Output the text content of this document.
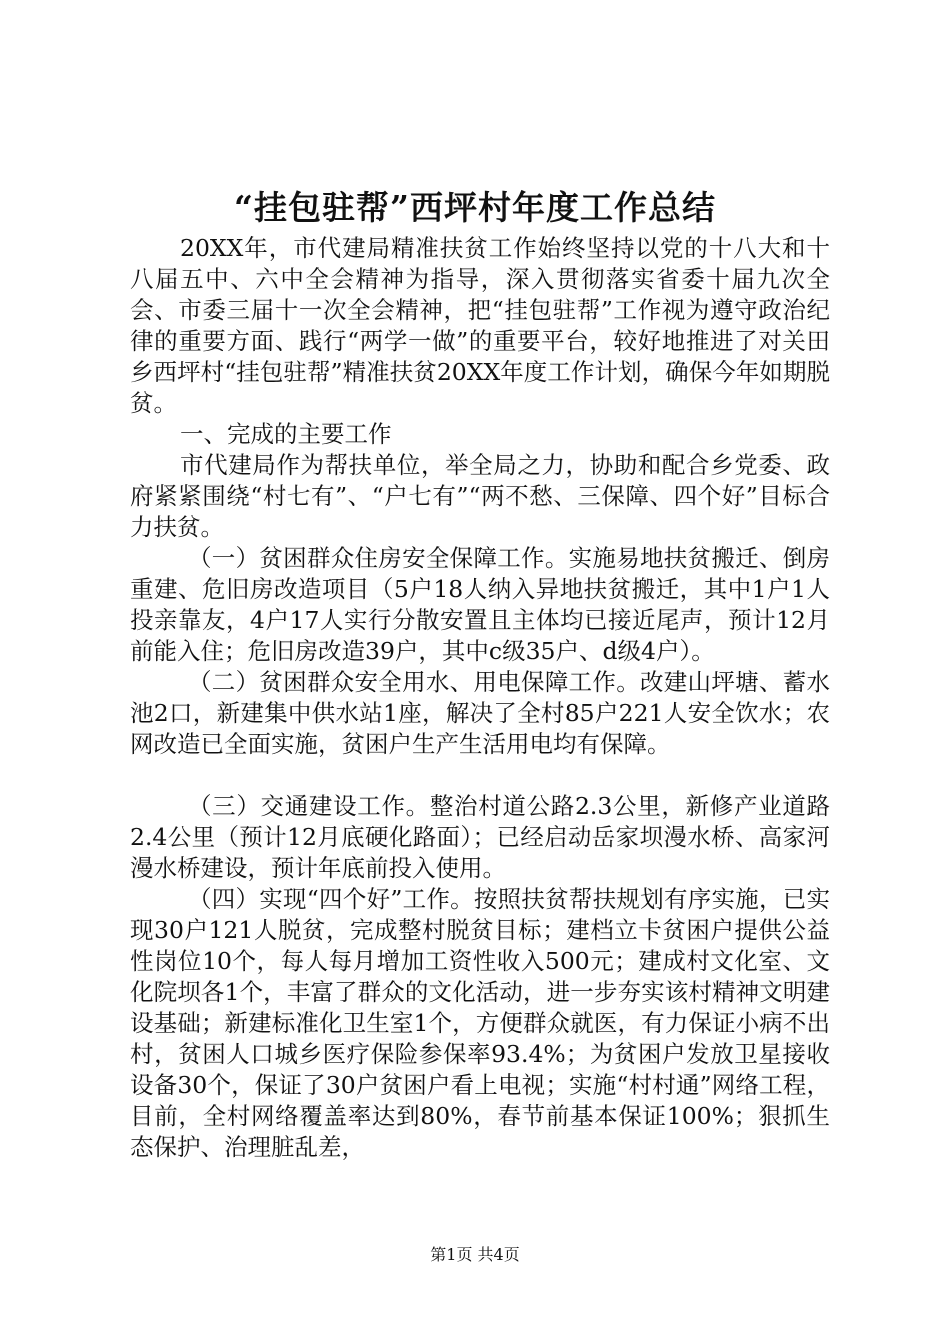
“挂包驻帮”西坪村年度工作总结

20XX年，市代建局精准扶贫工作始终坚持以党的十八大和十八届五中、六中全会精神为指导，深入贯彻落实省委十届九次全会、市委三届十一次全会精神，把“挂包驻帮”工作视为遵守政治纪律的重要方面、践行“两学一做”的重要平台，较好地推进了对关田乡西坪村“挂包驻帮”精准扶贫20XX年度工作计划，确保今年如期脱贫。

一、完成的主要工作

市代建局作为帮扶单位，举全局之力，协助和配合乡党委、政府紧紧围绕“村七有”、“户七有”“两不愁、三保障、四个好”目标合力扶贫。

（一）贫困群众住房安全保障工作。实施易地扶贫搬迁、倒房重建、危旧房改造项目（5户18人纳入异地扶贫搬迁，其中1户1人投亲靠友，4户17人实行分散安置且主体均已接近尾声，预计12月前能入住；危旧房改造39户，其中c级35户、d级4户）。

（二）贫困群众安全用水、用电保障工作。改建山坪塘、蓄水池2口，新建集中供水站1座，解决了全村85户221人安全饮水；农网改造已全面实施，贫困户生产生活用电均有保障。

（三）交通建设工作。整治村道公路2.3公里，新修产业道路2.4公里（预计12月底硬化路面）；已经启动岳家坝漫水桥、高家河漫水桥建设，预计年底前投入使用。

（四）实现“四个好”工作。按照扶贫帮扶规划有序实施，已实现30户121人脱贫，完成整村脱贫目标；建档立卡贫困户提供公益性岗位10个，每人每月增加工资性收入500元；建成村文化室、文化院坝各1个，丰富了群众的文化活动，进一步夯实该村精神文明建设基础；新建标准化卫生室1个，方便群众就医，有力保证小病不出村，贫困人口城乡医疗保险参保率93.4%；为贫困户发放卫星接收设备30个，保证了30户贫困户看上电视；实施“村村通”网络工程，目前，全村网络覆盖率达到80%，春节前基本保证100%；狠抓生态保护、治理脏乱差，

第1页 共4页
